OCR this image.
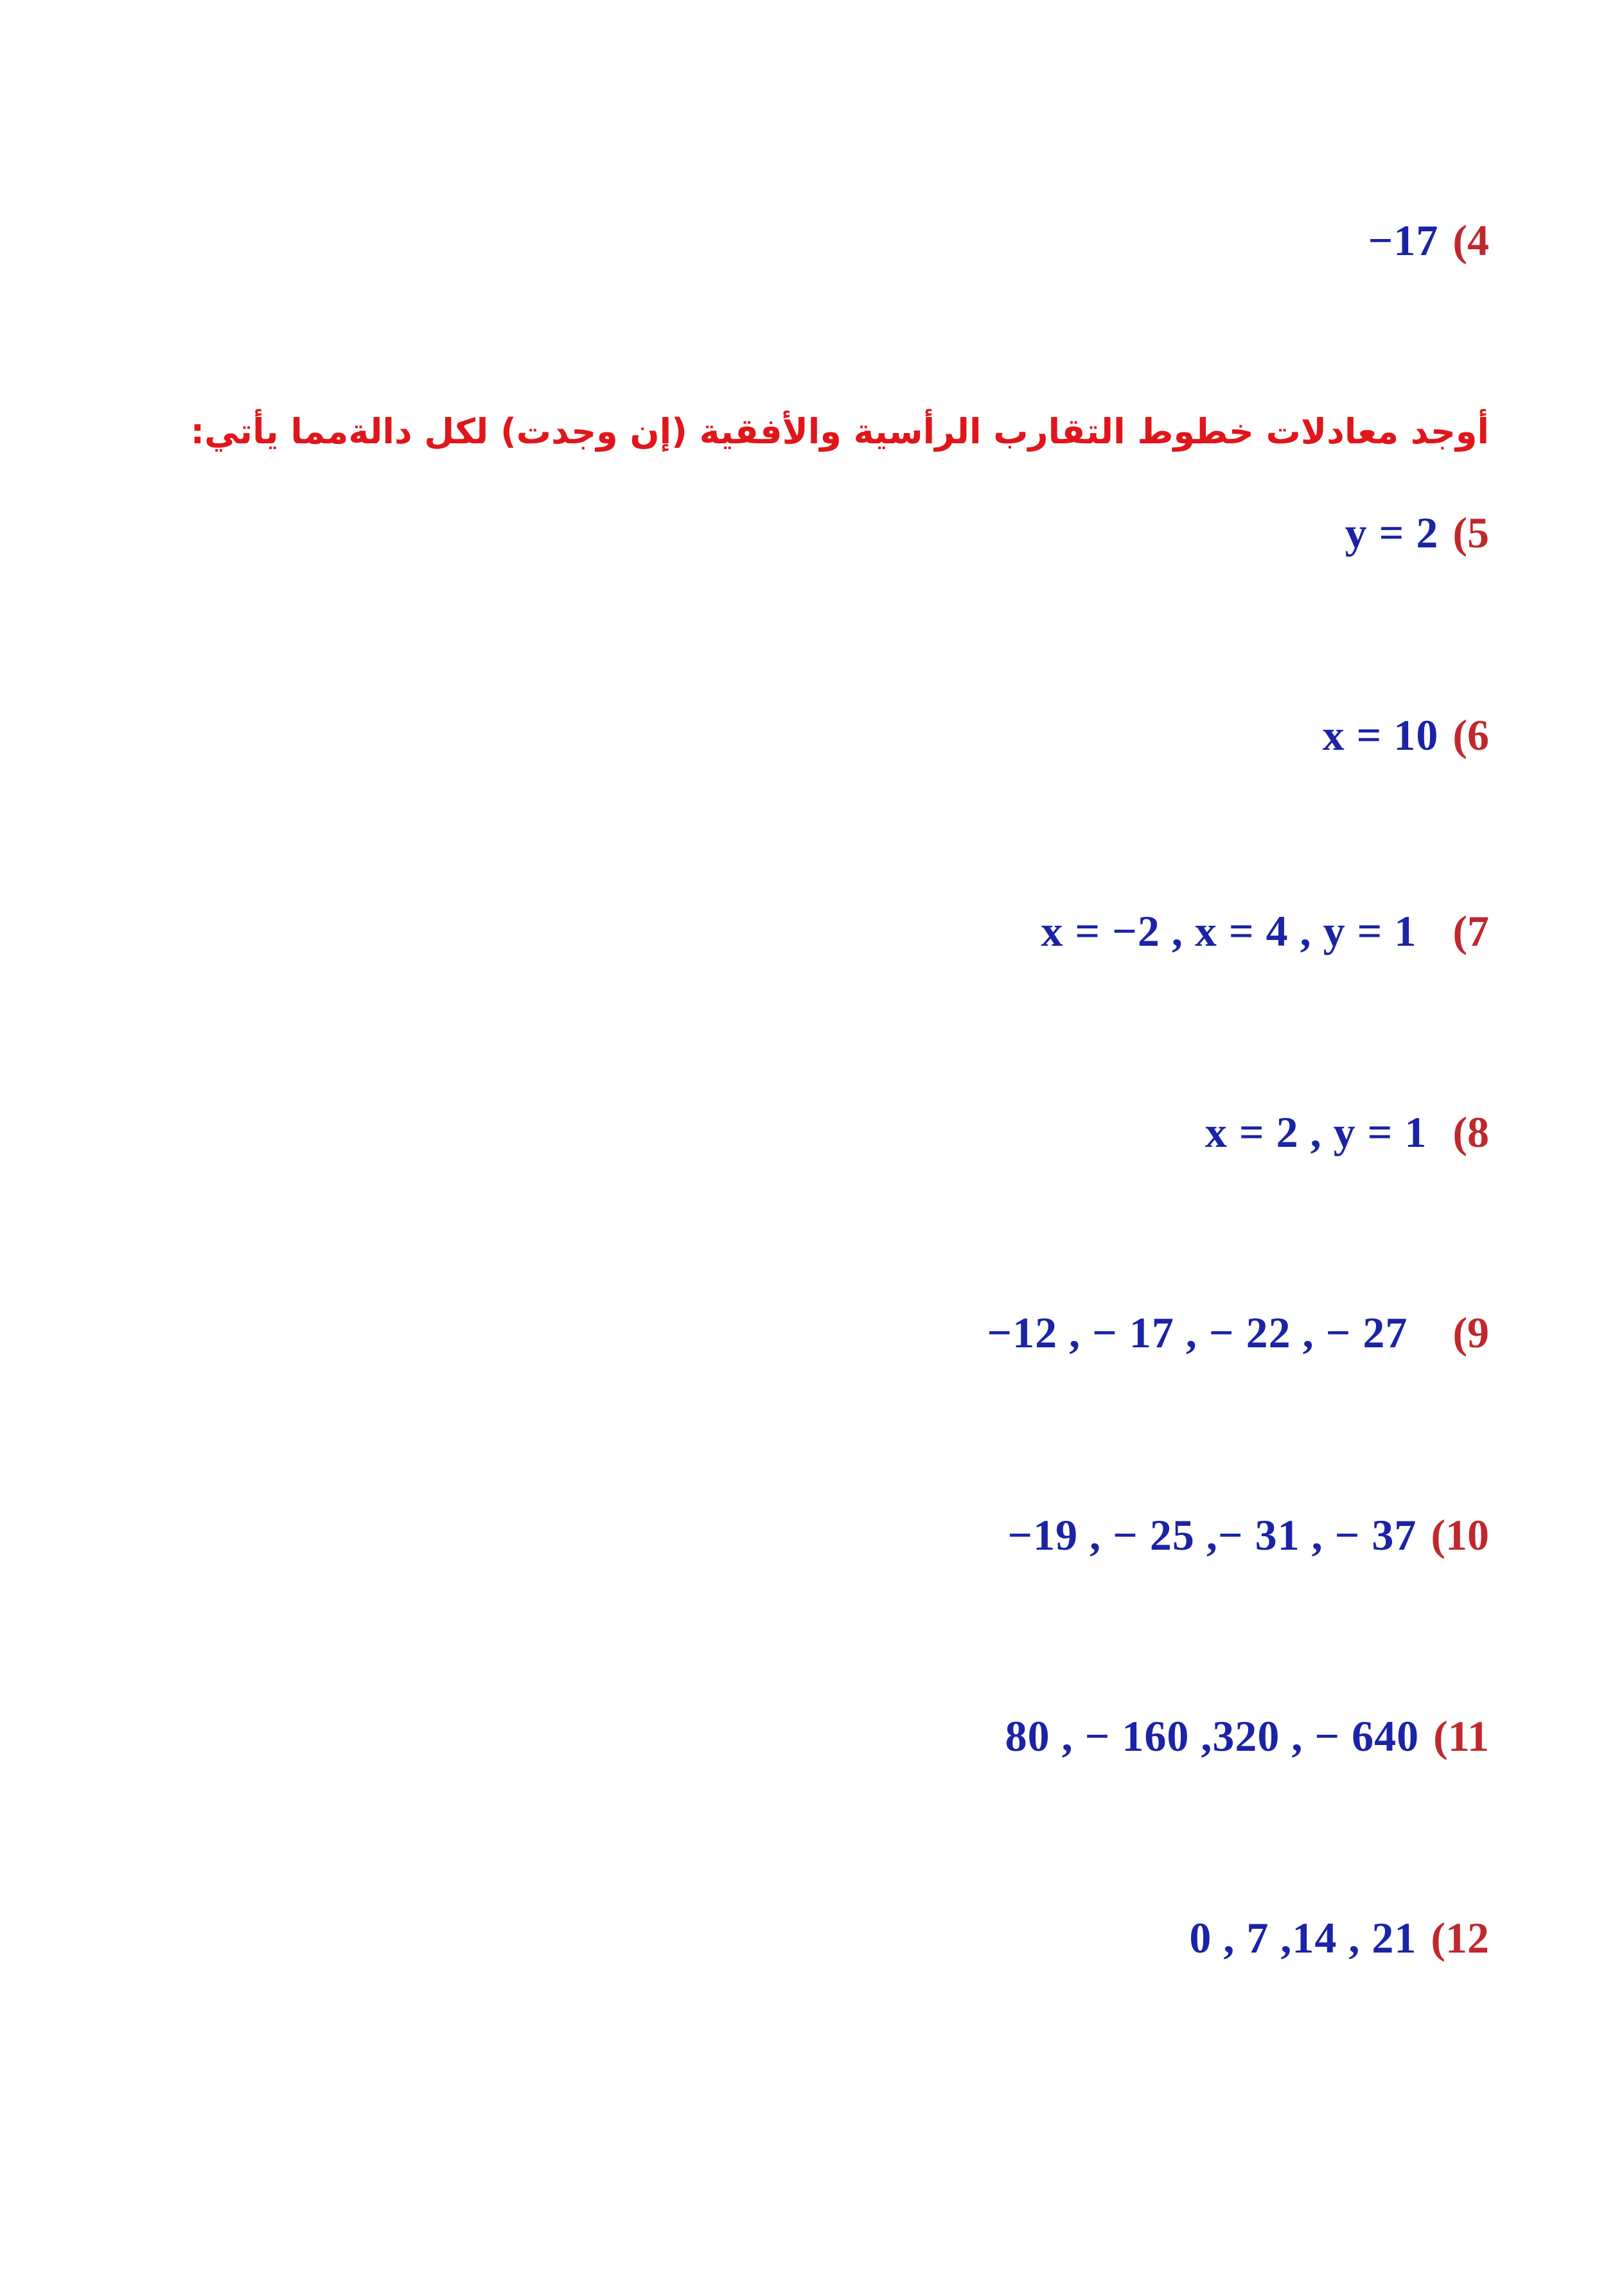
−17 (4
أوجد معادلات خطوط التقارب الرأسية والأفقية (إن وجدت) لكل دالةمما يأتي:
y = 2 (5
x = 10 (6
x = −2 , x = 4 , y = 1 (7
x = 2 , y = 1 (8
−12 , − 17 , − 22 , − 27 (9
−19 , − 25 ,− 31 , − 37 (10
80 , − 160 ,320 , − 640 (11
0 , 7 ,14 , 21 (12
